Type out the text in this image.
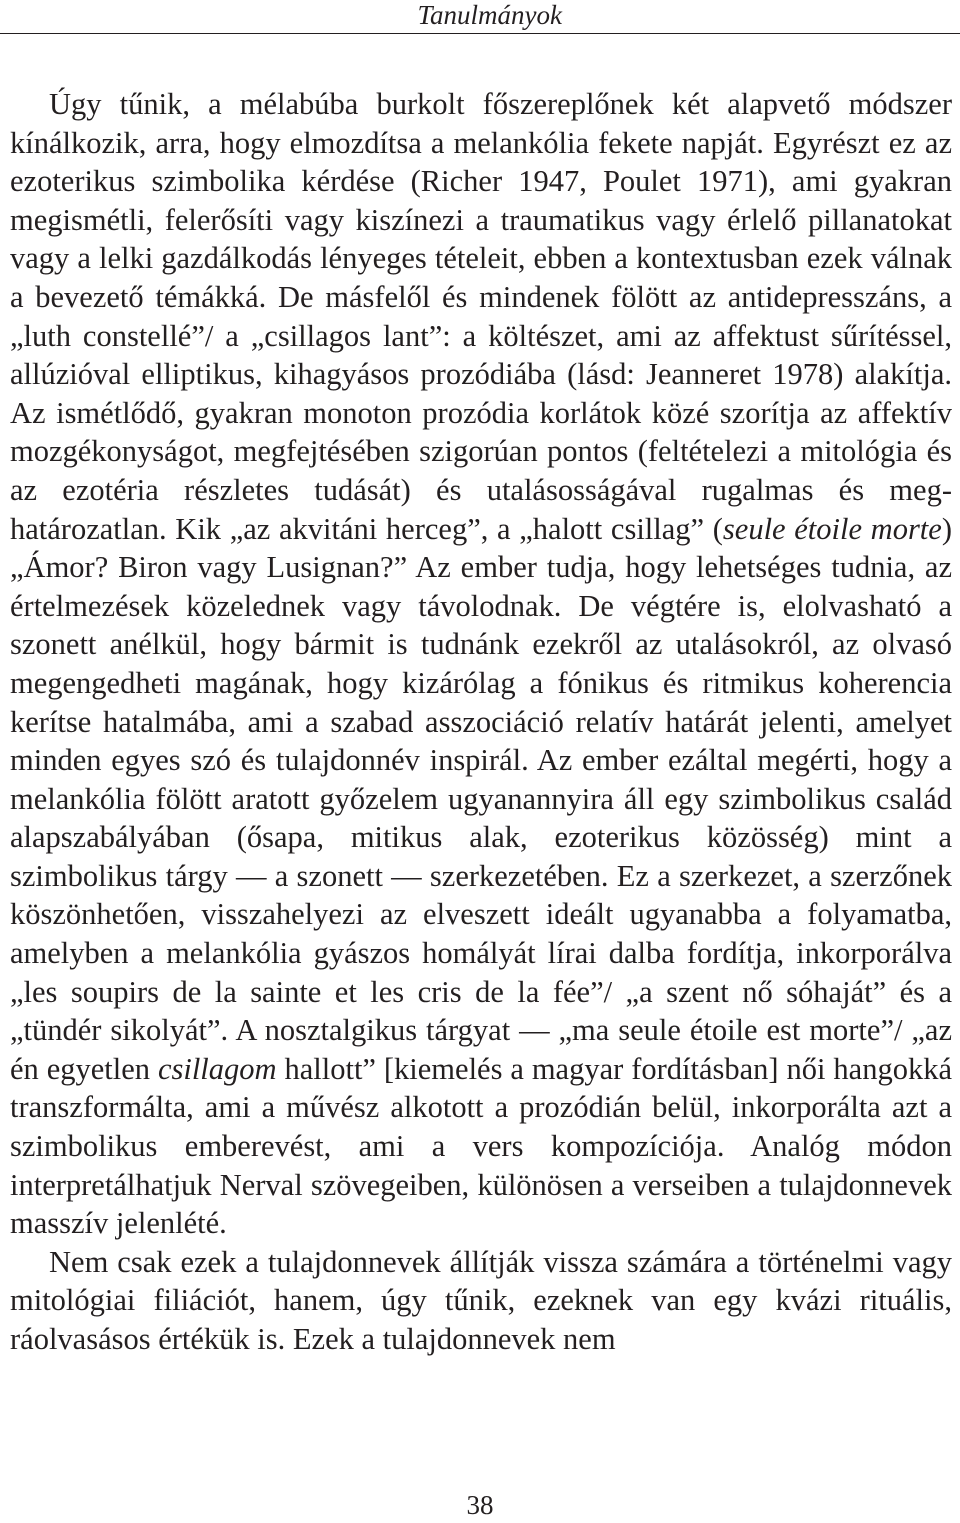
Tanulmányok

Úgy tűnik, a mélabúba burkolt főszereplőnek két alapvető módszer kínálkozik, arra, hogy elmozdítsa a melankólia fekete napját. Egyrészt ez az ezoterikus szimbolika kérdése (Richer 1947, Poulet 1971), ami gyakran megismétli, felerősíti vagy kiszínezi a traumatikus vagy érlelő pillanatokat vagy a lelki gazdálkodás lényeges tételeit, ebben a kontextusban ezek válnak a bevezető témákká. De másfelől és mindenek fölött az antidepresszáns, a „luth constellé”/ a „csillagos lant”: a költészet, ami az affektust sűrítéssel, allúzióval elliptikus, kihagyásos prozódiába (lásd: Jeanneret 1978) alakítja. Az ismétlődő, gyakran monoton prozódia korlátok közé szorítja az affektív mozgékonyságot, megfejtésében szigorúan pontos (feltételezi a mitológia és az ezotéria részletes tudását) és utalásosságával rugalmas és meghatározatlan. Kik „az akvitáni herceg”, a „halott csillag” (seule étoile morte) „Ámor? Biron vagy Lusignan?” Az ember tudja, hogy lehetséges tudnia, az értelmezések közelednek vagy távolodnak. De végtére is, elolvasható a szonett anélkül, hogy bármit is tudnánk ezekről az utalásokról, az olvasó megengedheti magának, hogy kizárólag a fónikus és ritmikus koherencia kerítse hatalmába, ami a szabad asszociáció relatív határát jelenti, amelyet minden egyes szó és tulajdonnév inspirál. Az ember ezáltal megérti, hogy a melankólia fölött aratott győzelem ugyanannyira áll egy szimbolikus család alapszabályában (ősapa, mitikus alak, ezoterikus közösség) mint a szimbolikus tárgy — a szonett — szerkezetében. Ez a szerkezet, a szerzőnek köszönhetően, visszahelyezi az elveszett ideált ugyanabba a folyamatba, amelyben a melankólia gyászos homályát lírai dalba fordítja, inkorporálva „les soupirs de la sainte et les cris de la fée”/ „a szent nő sóhaját” és a „tündér sikolyát”. A nosztalgikus tárgyat — „ma seule étoile est morte”/ „az én egyetlen csillagom hallott” [kiemelés a magyar fordításban] női hangokká transzformálta, ami a művész alkotott a prozódián belül, inkorporálta azt a szimbolikus emberevést, ami a vers kompozíciója. Analóg módon interpretálhatjuk Nerval szövegeiben, különösen a verseiben a tulajdonnevek masszív jelenlété.

Nem csak ezek a tulajdonnevek állítják vissza számára a történelmi vagy mitológiai filiációt, hanem, úgy tűnik, ezeknek van egy kvázi rituális, ráolvasásos értékük is. Ezek a tulajdonnevek nem

38
